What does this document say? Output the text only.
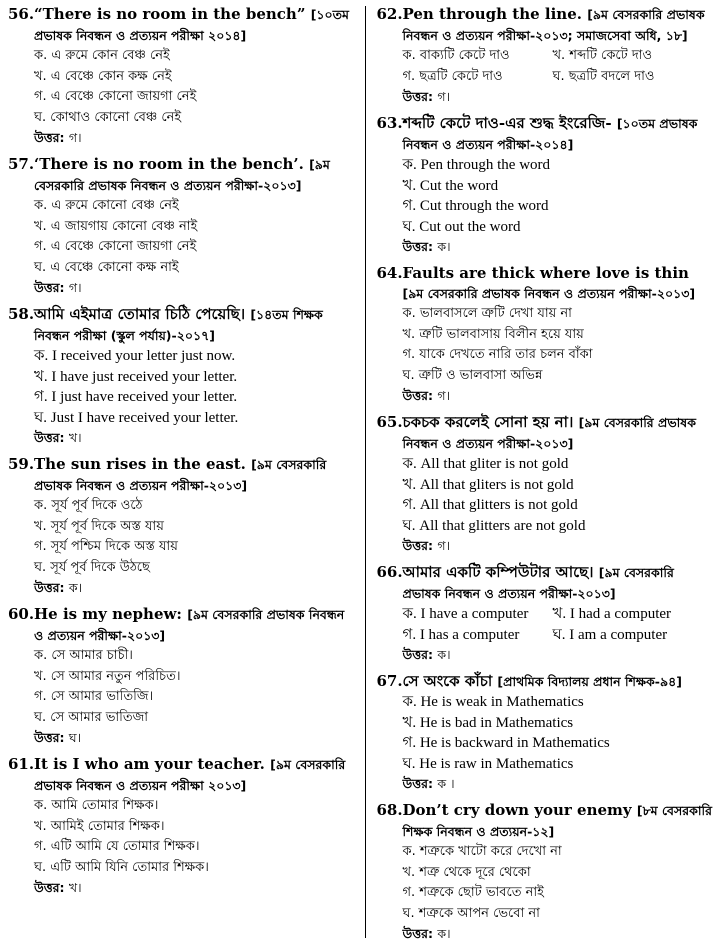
56. “There is no room in the bench” [১০তম প্রভাষক নিবন্ধন ও প্রত্যয়ন পরীক্ষা ২০১৪]
ক. এ রুমে কোন বেঞ্চ নেই
খ. এ বেঞ্চে কোন কক্ষ নেই
গ. এ বেঞ্চে কোনো জায়গা নেই
ঘ. কোথাও কোনো বেঞ্চ নেই
উত্তর: গ।
57. ‘There is no room in the bench’. [৯ম বেসরকারি প্রভাষক নিবন্ধন ও প্রত্যয়ন পরীক্ষা-২০১৩]
ক. এ রুমে কোনো বেঞ্চ নেই
খ. এ জায়গায় কোনো বেঞ্চ নাই
গ. এ বেঞ্চে কোনো জায়গা নেই
ঘ. এ বেঞ্চে কোনো কক্ষ নাই
উত্তর: গ।
58. আমি এইমাত্র তোমার চিঠি পেয়েছি। [১৪তম শিক্ষক নিবন্ধন পরীক্ষা (স্কুল পর্যায়)-২০১৭]
ক. I received your letter just now.
খ. I have just received your letter.
গ. I just have received your letter.
ঘ. Just I have received your letter.
উত্তর: খ।
59. The sun rises in the east. [৯ম বেসরকারি প্রভাষক নিবন্ধন ও প্রত্যয়ন পরীক্ষা-২০১৩]
ক. সূর্য পূর্ব দিকে ওঠে
খ. সূর্য পূর্ব দিকে অস্ত যায়
গ. সূর্য পশ্চিম দিকে অস্ত যায়
ঘ. সূর্য পূর্ব দিকে উঠছে
উত্তর: ক।
60. He is my nephew: [৯ম বেসরকারি প্রভাষক নিবন্ধন ও প্রত্যয়ন পরীক্ষা-২০১৩]
ক. সে আমার চাচী।
খ. সে আমার নতুন পরিচিত।
গ. সে আমার ভাতিজি।
ঘ. সে আমার ভাতিজা
উত্তর: ঘ।
61. It is I who am your teacher. [৯ম বেসরকারি প্রভাষক নিবন্ধন ও প্রত্যয়ন পরীক্ষা ২০১৩]
ক. আমি তোমার শিক্ষক।
খ. আমিই তোমার শিক্ষক।
গ. এটি আমি যে তোমার শিক্ষক।
ঘ. এটি আমি যিনি তোমার শিক্ষক।
উত্তর: খ।
62. Pen through the line. [৯ম বেসরকারি প্রভাষক নিবন্ধন ও প্রত্যয়ন পরীক্ষা-২০১৩; সমাজসেবা অধি, ১৮]
ক. বাক্যটি কেটে দাও	খ. শব্দটি কেটে দাও
গ. ছত্রটি কেটে দাও	ঘ. ছত্রটি বদলে দাও
উত্তর: গ।
63. শব্দটি কেটে দাও-এর শুদ্ধ ইংরেজি- [১০তম প্রভাষক নিবন্ধন ও প্রত্যয়ন পরীক্ষা-২০১৪]
ক. Pen through the word
খ. Cut the word
গ. Cut through the word
ঘ. Cut out the word
উত্তর: ক।
64. Faults are thick where love is thin [৯ম বেসরকারি প্রভাষক নিবন্ধন ও প্রত্যয়ন পরীক্ষা-২০১৩]
ক. ভালবাসলে ত্রুটি দেখা যায় না
খ. ত্রুটি ভালবাসায় বিলীন হয়ে যায়
গ. যাকে দেখতে নারি তার চলন বাঁকা
ঘ. ত্রুটি ও ভালবাসা অভিন্ন
উত্তর: গ।
65. চকচক করলেই সোনা হয় না। [৯ম বেসরকারি প্রভাষক নিবন্ধন ও প্রত্যয়ন পরীক্ষা-২০১৩]
ক. All that gliter is not gold
খ. All that gliters is not gold
গ. All that glitters is not gold
ঘ. All that glitters are not gold
উত্তর: গ।
66. আমার একটি কম্পিউটার আছে। [৯ম বেসরকারি প্রভাষক নিবন্ধন ও প্রত্যয়ন পরীক্ষা-২০১৩]
ক. I have a computer	খ. I had a computer
গ. I has a computer	ঘ. I am a computer
উত্তর: ক।
67. সে অংকে কাঁচা [প্রাথমিক বিদ্যালয় প্রধান শিক্ষক-৯৪]
ক. He is weak in Mathematics
খ. He is bad in Mathematics
গ. He is backward in Mathematics
ঘ. He is raw in Mathematics
উত্তর: ক ।
68. Don’t cry down your enemy [৮ম বেসরকারি শিক্ষক নিবন্ধন ও প্রত্যয়ন-১২]
ক. শত্রুকে খাটো করে দেখো না
খ. শত্রু থেকে দূরে থেকো
গ. শত্রুকে ছোট ভাবতে নাই
ঘ. শত্রুকে আপন ভেবো না
উত্তর: ক।
